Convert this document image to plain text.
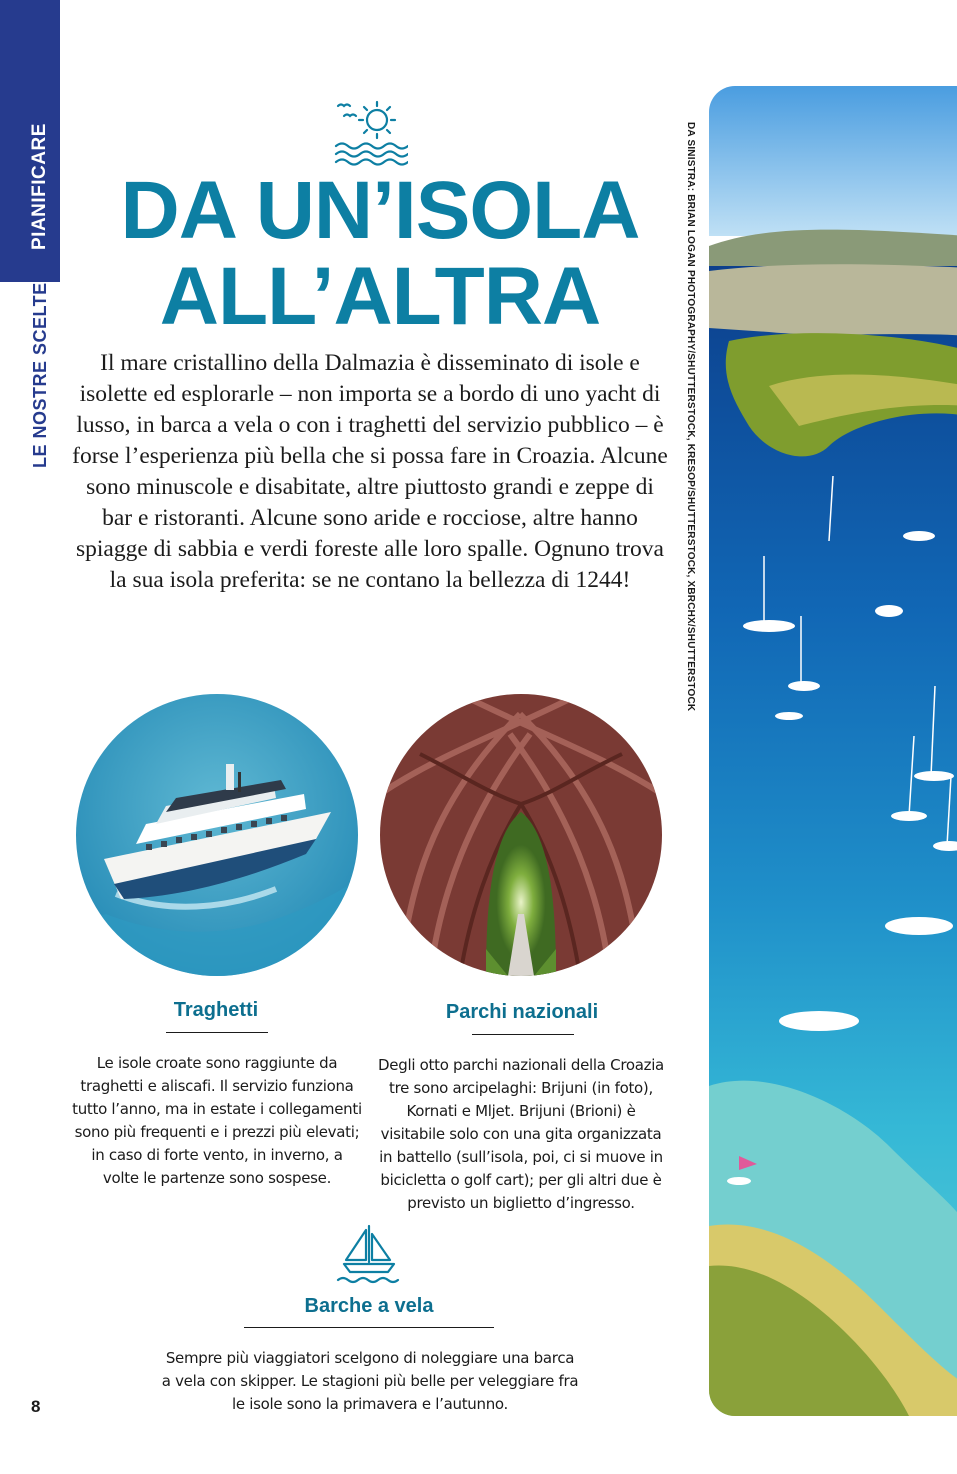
PIANIFICARE
LE NOSTRE SCELTE
DA UN’ISOLA
ALL’ALTRA

Il mare cristallino della Dalmazia è disseminato di isole e isolette ed esplorarle – non importa se a bordo di uno yacht di lusso, in barca a vela o con i traghetti del servizio pubblico – è forse l’esperienza più bella che si possa fare in Croazia. Alcune sono minuscole e disabitate, altre piuttosto grandi e zeppe di bar e ristoranti. Alcune sono aride e rocciose, altre hanno spiagge di sabbia e verdi foreste alle loro spalle. Ognuno trova la sua isola preferita: se ne contano la bellezza di 1244!	DA SINISTRA: BRIAN LOGAN PHOTOGRAPHY/SHUTTERSTOCK, KRESOP/SHUTTERSTOCK, XBRCHX/SHUTTERSTOCK
Traghetti

Le isole croate sono raggiunte da traghetti e aliscafi. Il servizio funziona tutto l’anno, ma in estate i collegamenti sono più frequenti e i prezzi più elevati; in caso di forte vento, in inverno, a volte le partenze sono sospese.

Parchi nazionali

Degli otto parchi nazionali della Croazia tre sono arcipelaghi: Brijuni (in foto), Kornati e Mljet. Brijuni (Brioni) è visitabile solo con una gita organizzata in battello (sull’isola, poi, ci si muove in bicicletta o golf cart); per gli altri due è previsto un biglietto d’ingresso.

Barche a vela

Sempre più viaggiatori scelgono di noleggiare una barca a vela con skipper. Le stagioni più belle per veleggiare fra le isole sono la primavera e l’autunno.

8
